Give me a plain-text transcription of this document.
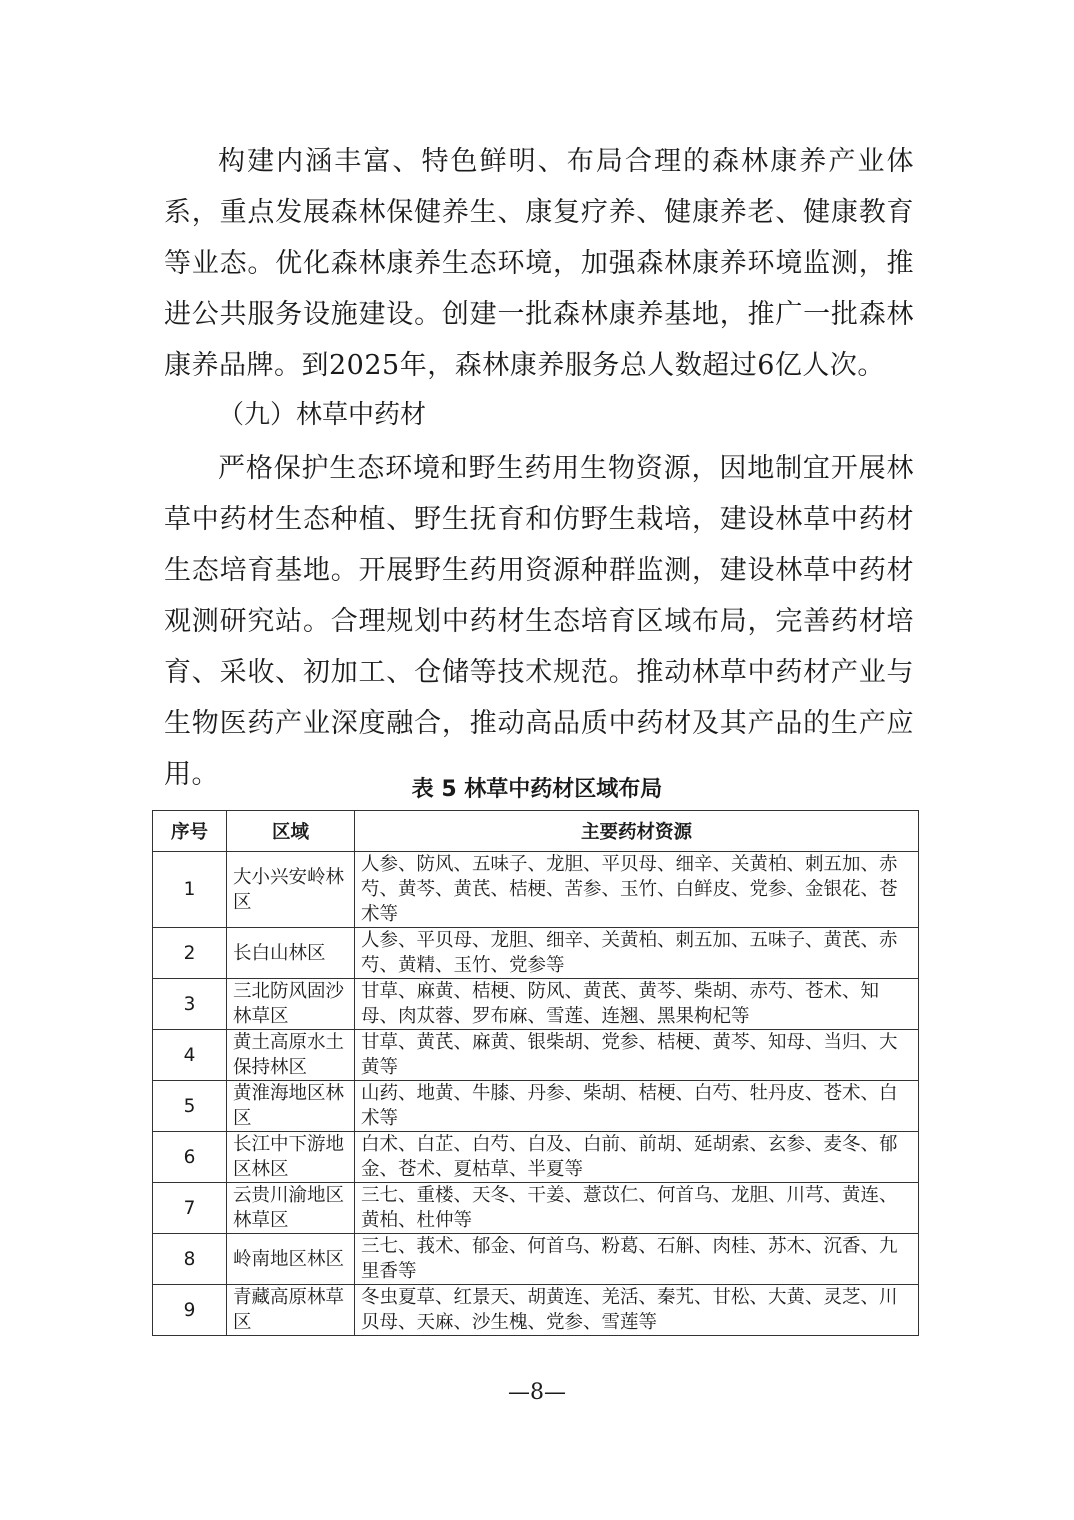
构建内涵丰富、特色鲜明、布局合理的森林康养产业体系，重点发展森林保健养生、康复疗养、健康养老、健康教育等业态。优化森林康养生态环境，加强森林康养环境监测，推进公共服务设施建设。创建一批森林康养基地，推广一批森林康养品牌。到2025年，森林康养服务总人数超过6亿人次。

（九）林草中药材

严格保护生态环境和野生药用生物资源，因地制宜开展林草中药材生态种植、野生抚育和仿野生栽培，建设林草中药材生态培育基地。开展野生药用资源种群监测，建设林草中药材观测研究站。合理规划中药材生态培育区域布局，完善药材培育、采收、初加工、仓储等技术规范。推动林草中药材产业与生物医药产业深度融合，推动高品质中药材及其产品的生产应用。	表 5 林草中药材区域布局
序号	区域	主要药材资源
1	大小兴安岭林区	人参、防风、五味子、龙胆、平贝母、细辛、关黄柏、刺五加、赤芍、黄芩、黄芪、桔梗、苦参、玉竹、白鲜皮、党参、金银花、苍术等
2	长白山林区	人参、平贝母、龙胆、细辛、关黄柏、刺五加、五味子、黄芪、赤芍、黄精、玉竹、党参等
3	三北防风固沙林草区	甘草、麻黄、桔梗、防风、黄芪、黄芩、柴胡、赤芍、苍术、知母、肉苁蓉、罗布麻、雪莲、连翘、黑果枸杞等
4	黄土高原水土保持林区	甘草、黄芪、麻黄、银柴胡、党参、桔梗、黄芩、知母、当归、大黄等
5	黄淮海地区林区	山药、地黄、牛膝、丹参、柴胡、桔梗、白芍、牡丹皮、苍术、白术等
6	长江中下游地区林区	白术、白芷、白芍、白及、白前、前胡、延胡索、玄参、麦冬、郁金、苍术、夏枯草、半夏等
7	云贵川渝地区林草区	三七、重楼、天冬、干姜、薏苡仁、何首乌、龙胆、川芎、黄连、黄柏、杜仲等
8	岭南地区林区	三七、莪术、郁金、何首乌、粉葛、石斛、肉桂、苏木、沉香、九里香等
9	青藏高原林草区	冬虫夏草、红景天、胡黄连、羌活、秦艽、甘松、大黄、灵芝、川贝母、天麻、沙生槐、党参、雪莲等
—8—
